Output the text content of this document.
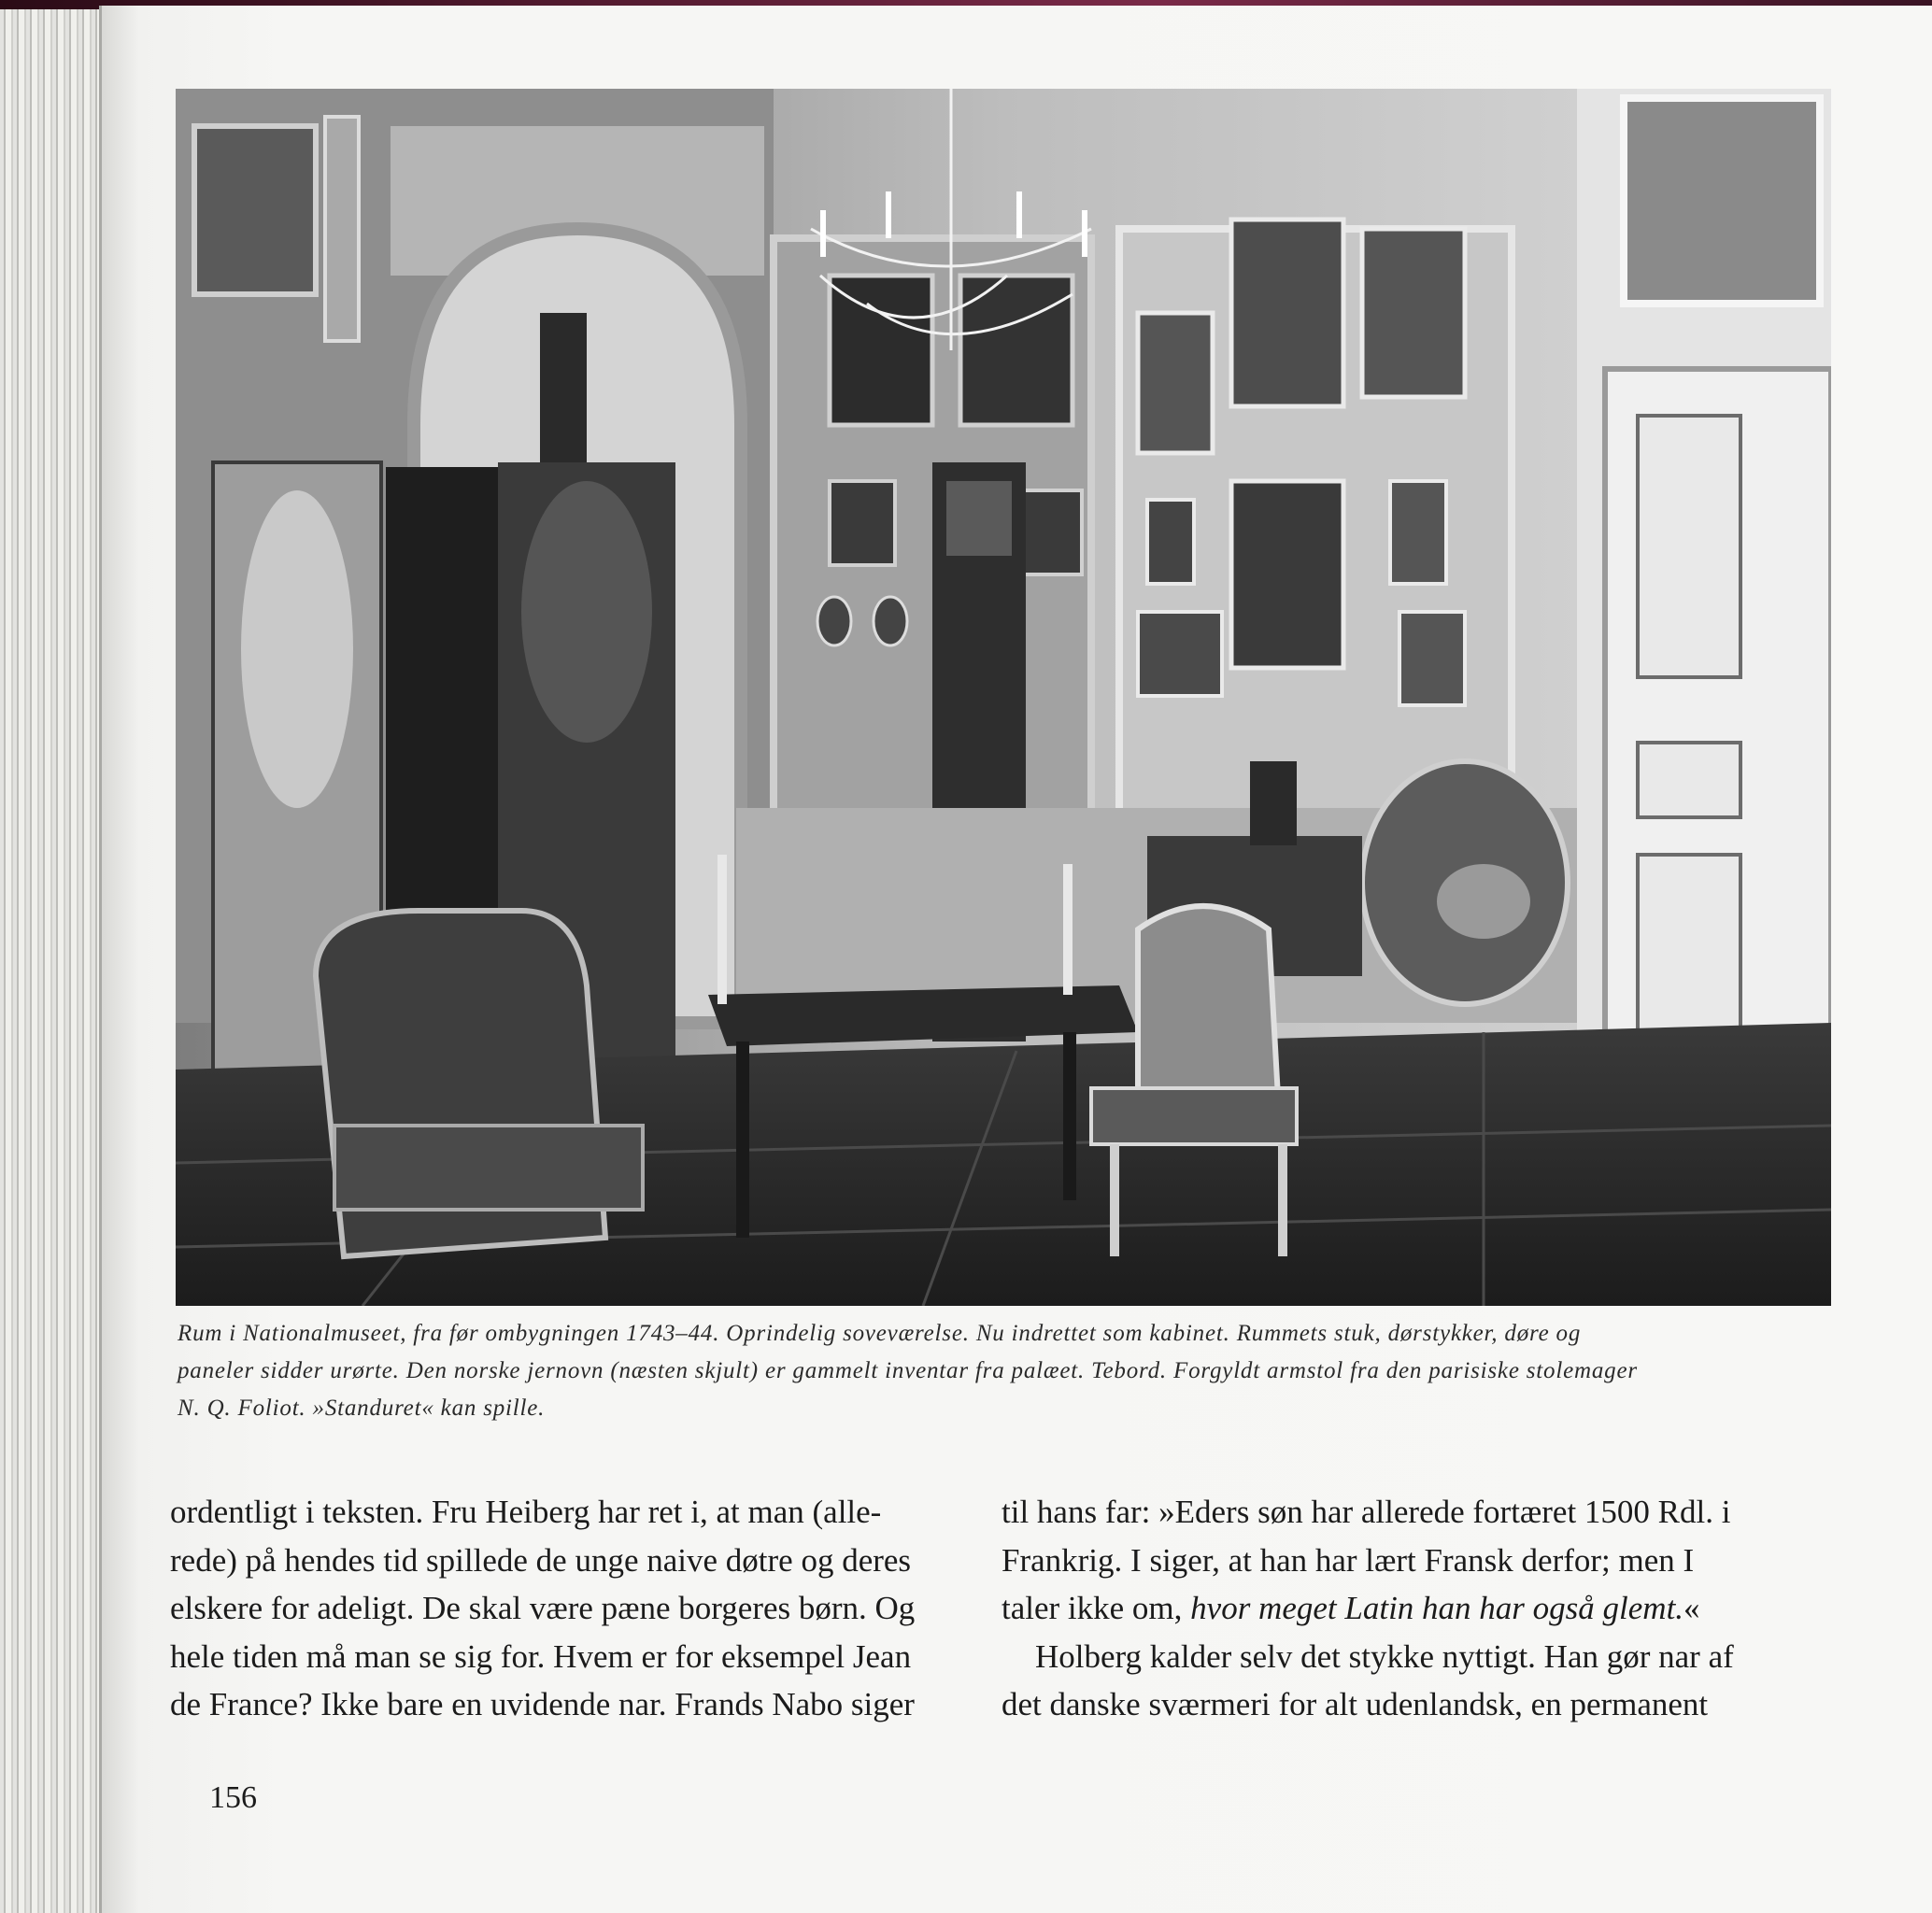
Rum i Nationalmuseet, fra før ombygningen 1743–44. Oprindelig soveværelse. Nu indrettet som kabinet. Rummets stuk, dørstykker, døre og

paneler sidder urørte. Den norske jernovn (næsten skjult) er gammelt inventar fra palæet. Tebord. Forgyldt armstol fra den parisiske stolemager

N. Q. Foliot. »Standuret« kan spille.

ordentligt i teksten. Fru Heiberg har ret i, at man (alle-

rede) på hendes tid spillede de unge naive døtre og deres

elskere for adeligt. De skal være pæne borgeres børn. Og

hele tiden må man se sig for. Hvem er for eksempel Jean

de France? Ikke bare en uvidende nar. Frands Nabo siger

til hans far: »Eders søn har allerede fortæret 1500 Rdl. i

Frankrig. I siger, at han har lært Fransk derfor; men I

taler ikke om, hvor meget Latin han har også glemt.«

Holberg kalder selv det stykke nyttigt. Han gør nar af

det danske sværmeri for alt udenlandsk, en permanent

156
